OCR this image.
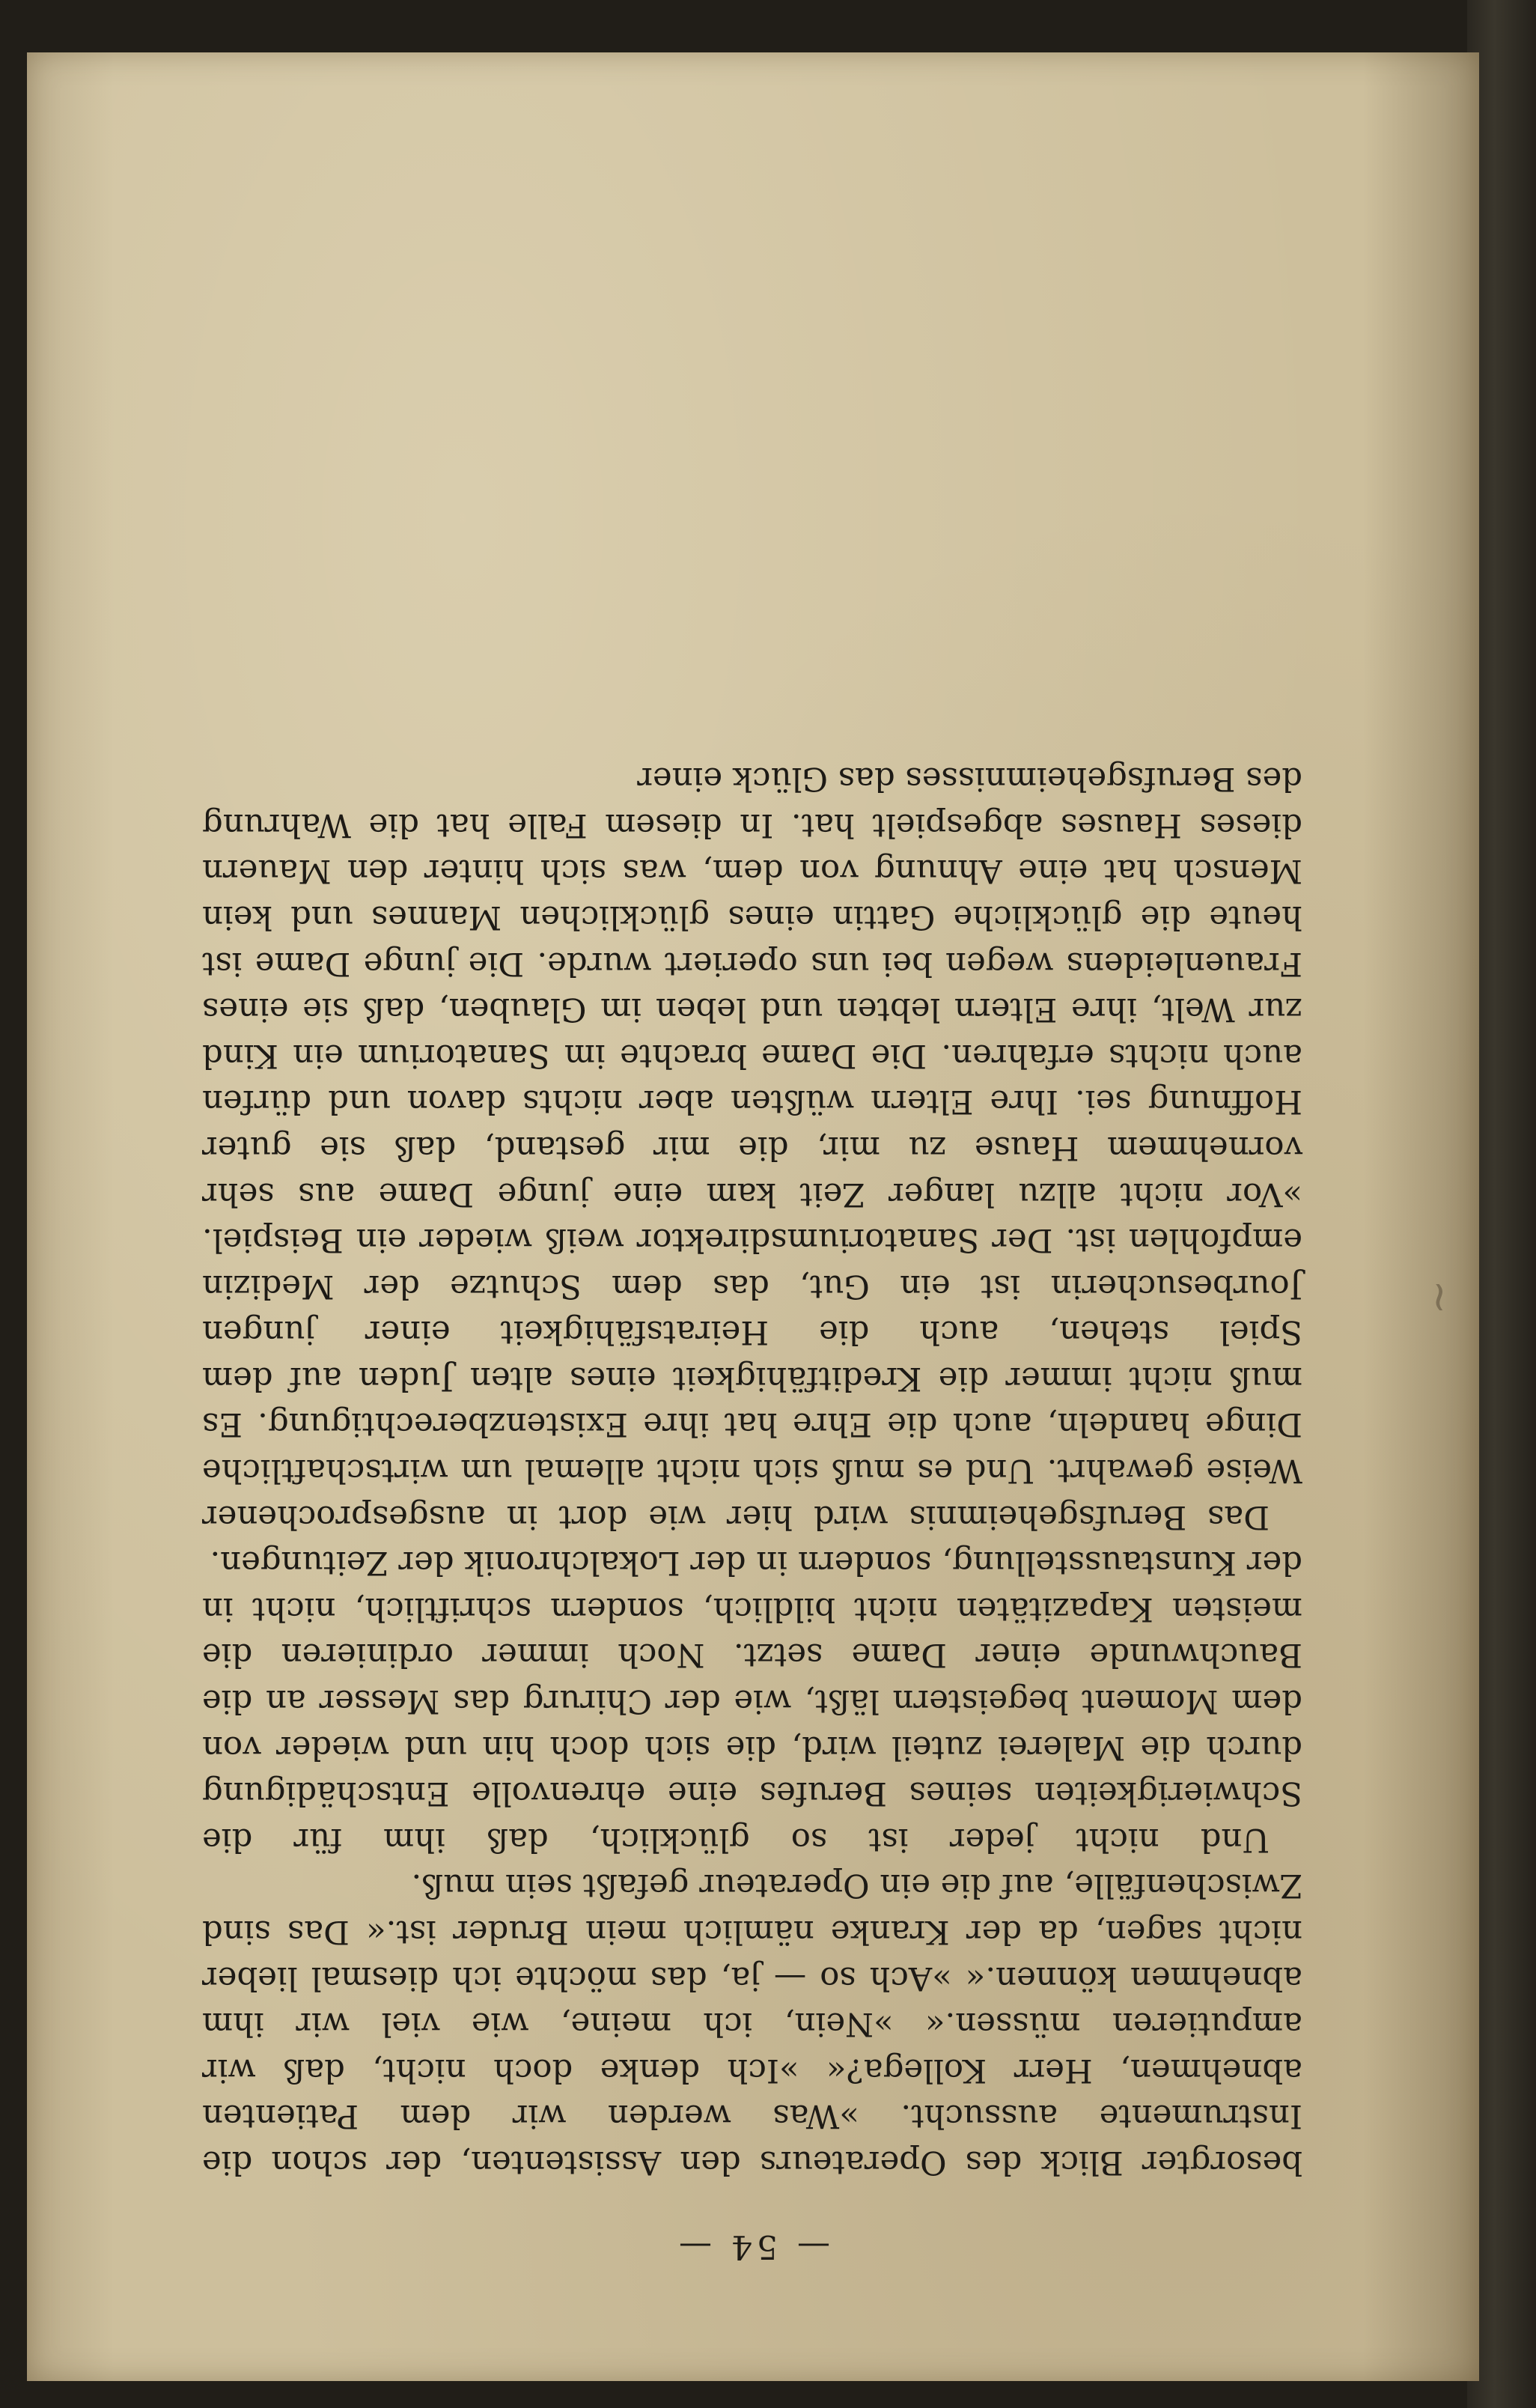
~
— 54 —

besorgter Blick des Operateurs den Assistenten, der schon die Instrumente aussucht. »Was werden wir dem Patienten abnehmen, Herr Kollega?« »Ich denke doch nicht, daß wir amputieren müssen.« »Nein, ich meine, wie viel wir ihm abnehmen können.« »Ach so — ja, das möchte ich diesmal lieber nicht sagen, da der Kranke nämlich mein Bruder ist.« Das sind Zwischenfälle, auf die ein Operateur gefaßt sein muß.

Und nicht jeder ist so glücklich, daß ihm für die Schwierigkeiten seines Berufes eine ehrenvolle Entschädigung durch die Malerei zuteil wird, die sich doch hin und wieder von dem Moment begeistern läßt, wie der Chirurg das Messer an die Bauchwunde einer Dame setzt. Noch immer ordinieren die meisten Kapazitäten nicht bildlich, sondern schriftlich, nicht in der Kunstausstellung, sondern in der Lokalchronik der Zeitungen.

Das Berufsgeheimnis wird hier wie dort in ausgesprochener Weise gewahrt. Und es muß sich nicht allemal um wirtschaftliche Dinge handeln, auch die Ehre hat ihre Existenzberechtigung. Es muß nicht immer die Kreditfähigkeit eines alten Juden auf dem Spiel stehen, auch die Heiratsfähigkeit einer jungen Jourbesucherin ist ein Gut, das dem Schutze der Medizin empfohlen ist. Der Sanatoriumsdirektor weiß wieder ein Beispiel. »Vor nicht allzu langer Zeit kam eine junge Dame aus sehr vornehmem Hause zu mir, die mir gestand, daß sie guter Hoffnung sei. Ihre Eltern wüßten aber nichts davon und dürfen auch nichts erfahren. Die Dame brachte im Sanatorium ein Kind zur Welt, ihre Eltern lebten und leben im Glauben, daß sie eines Frauenleidens wegen bei uns operiert wurde. Die junge Dame ist heute die glückliche Gattin eines glücklichen Mannes und kein Mensch hat eine Ahnung von dem, was sich hinter den Mauern dieses Hauses abgespielt hat. In diesem Falle hat die Wahrung des Berufsgeheimnisses das Glück einer
